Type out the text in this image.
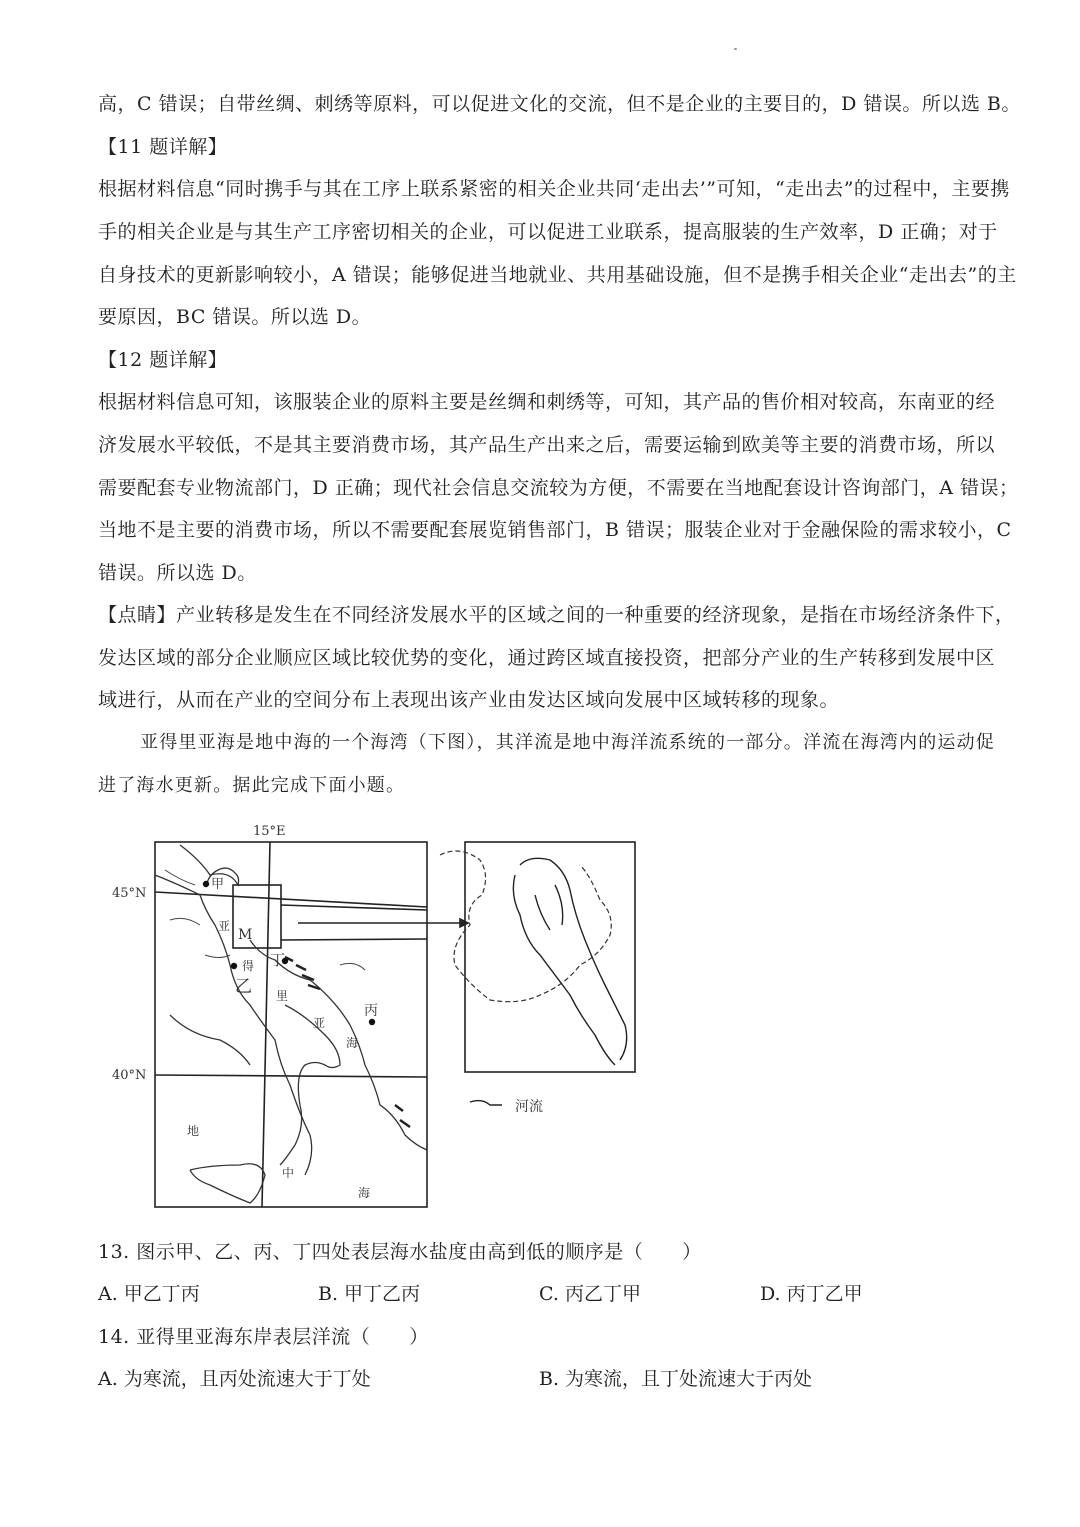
高，C 错误；自带丝绸、刺绣等原料，可以促进文化的交流，但不是企业的主要目的，D 错误。所以选 B。
【11 题详解】
根据材料信息“同时携手与其在工序上联系紧密的相关企业共同‘走出去’”可知，“走出去”的过程中，主要携
手的相关企业是与其生产工序密切相关的企业，可以促进工业联系，提高服装的生产效率，D 正确；对于
自身技术的更新影响较小，A 错误；能够促进当地就业、共用基础设施，但不是携手相关企业“走出去”的主
要原因，BC 错误。所以选 D。
【12 题详解】
根据材料信息可知，该服装企业的原料主要是丝绸和刺绣等，可知，其产品的售价相对较高，东南亚的经
济发展水平较低，不是其主要消费市场，其产品生产出来之后，需要运输到欧美等主要的消费市场，所以
需要配套专业物流部门，D 正确；现代社会信息交流较为方便，不需要在当地配套设计咨询部门，A 错误；
当地不是主要的消费市场，所以不需要配套展览销售部门，B 错误；服装企业对于金融保险的需求较小，C
错误。所以选 D。
【点睛】产业转移是发生在不同经济发展水平的区域之间的一种重要的经济现象，是指在市场经济条件下，
发达区域的部分企业顺应区域比较优势的变化，通过跨区域直接投资，把部分产业的生产转移到发展中区
域进行，从而在产业的空间分布上表现出该产业由发达区域向发展中区域转移的现象。
亚得里亚海是地中海的一个海湾（下图），其洋流是地中海洋流系统的一部分。洋流在海湾内的运动促
进了海水更新。据此完成下面小题。
河流
15°E
45°N
40°N
甲
亚
M
得
乙
丁
里
亚
丙
海
地
中
海
13. 图示甲、乙、丙、丁四处表层海水盐度由高到低的顺序是（　　）
A. 甲乙丁丙	B. 甲丁乙丙	C. 丙乙丁甲	D. 丙丁乙甲
14. 亚得里亚海东岸表层洋流（　　）
A. 为寒流，且丙处流速大于丁处	B. 为寒流，且丁处流速大于丙处
